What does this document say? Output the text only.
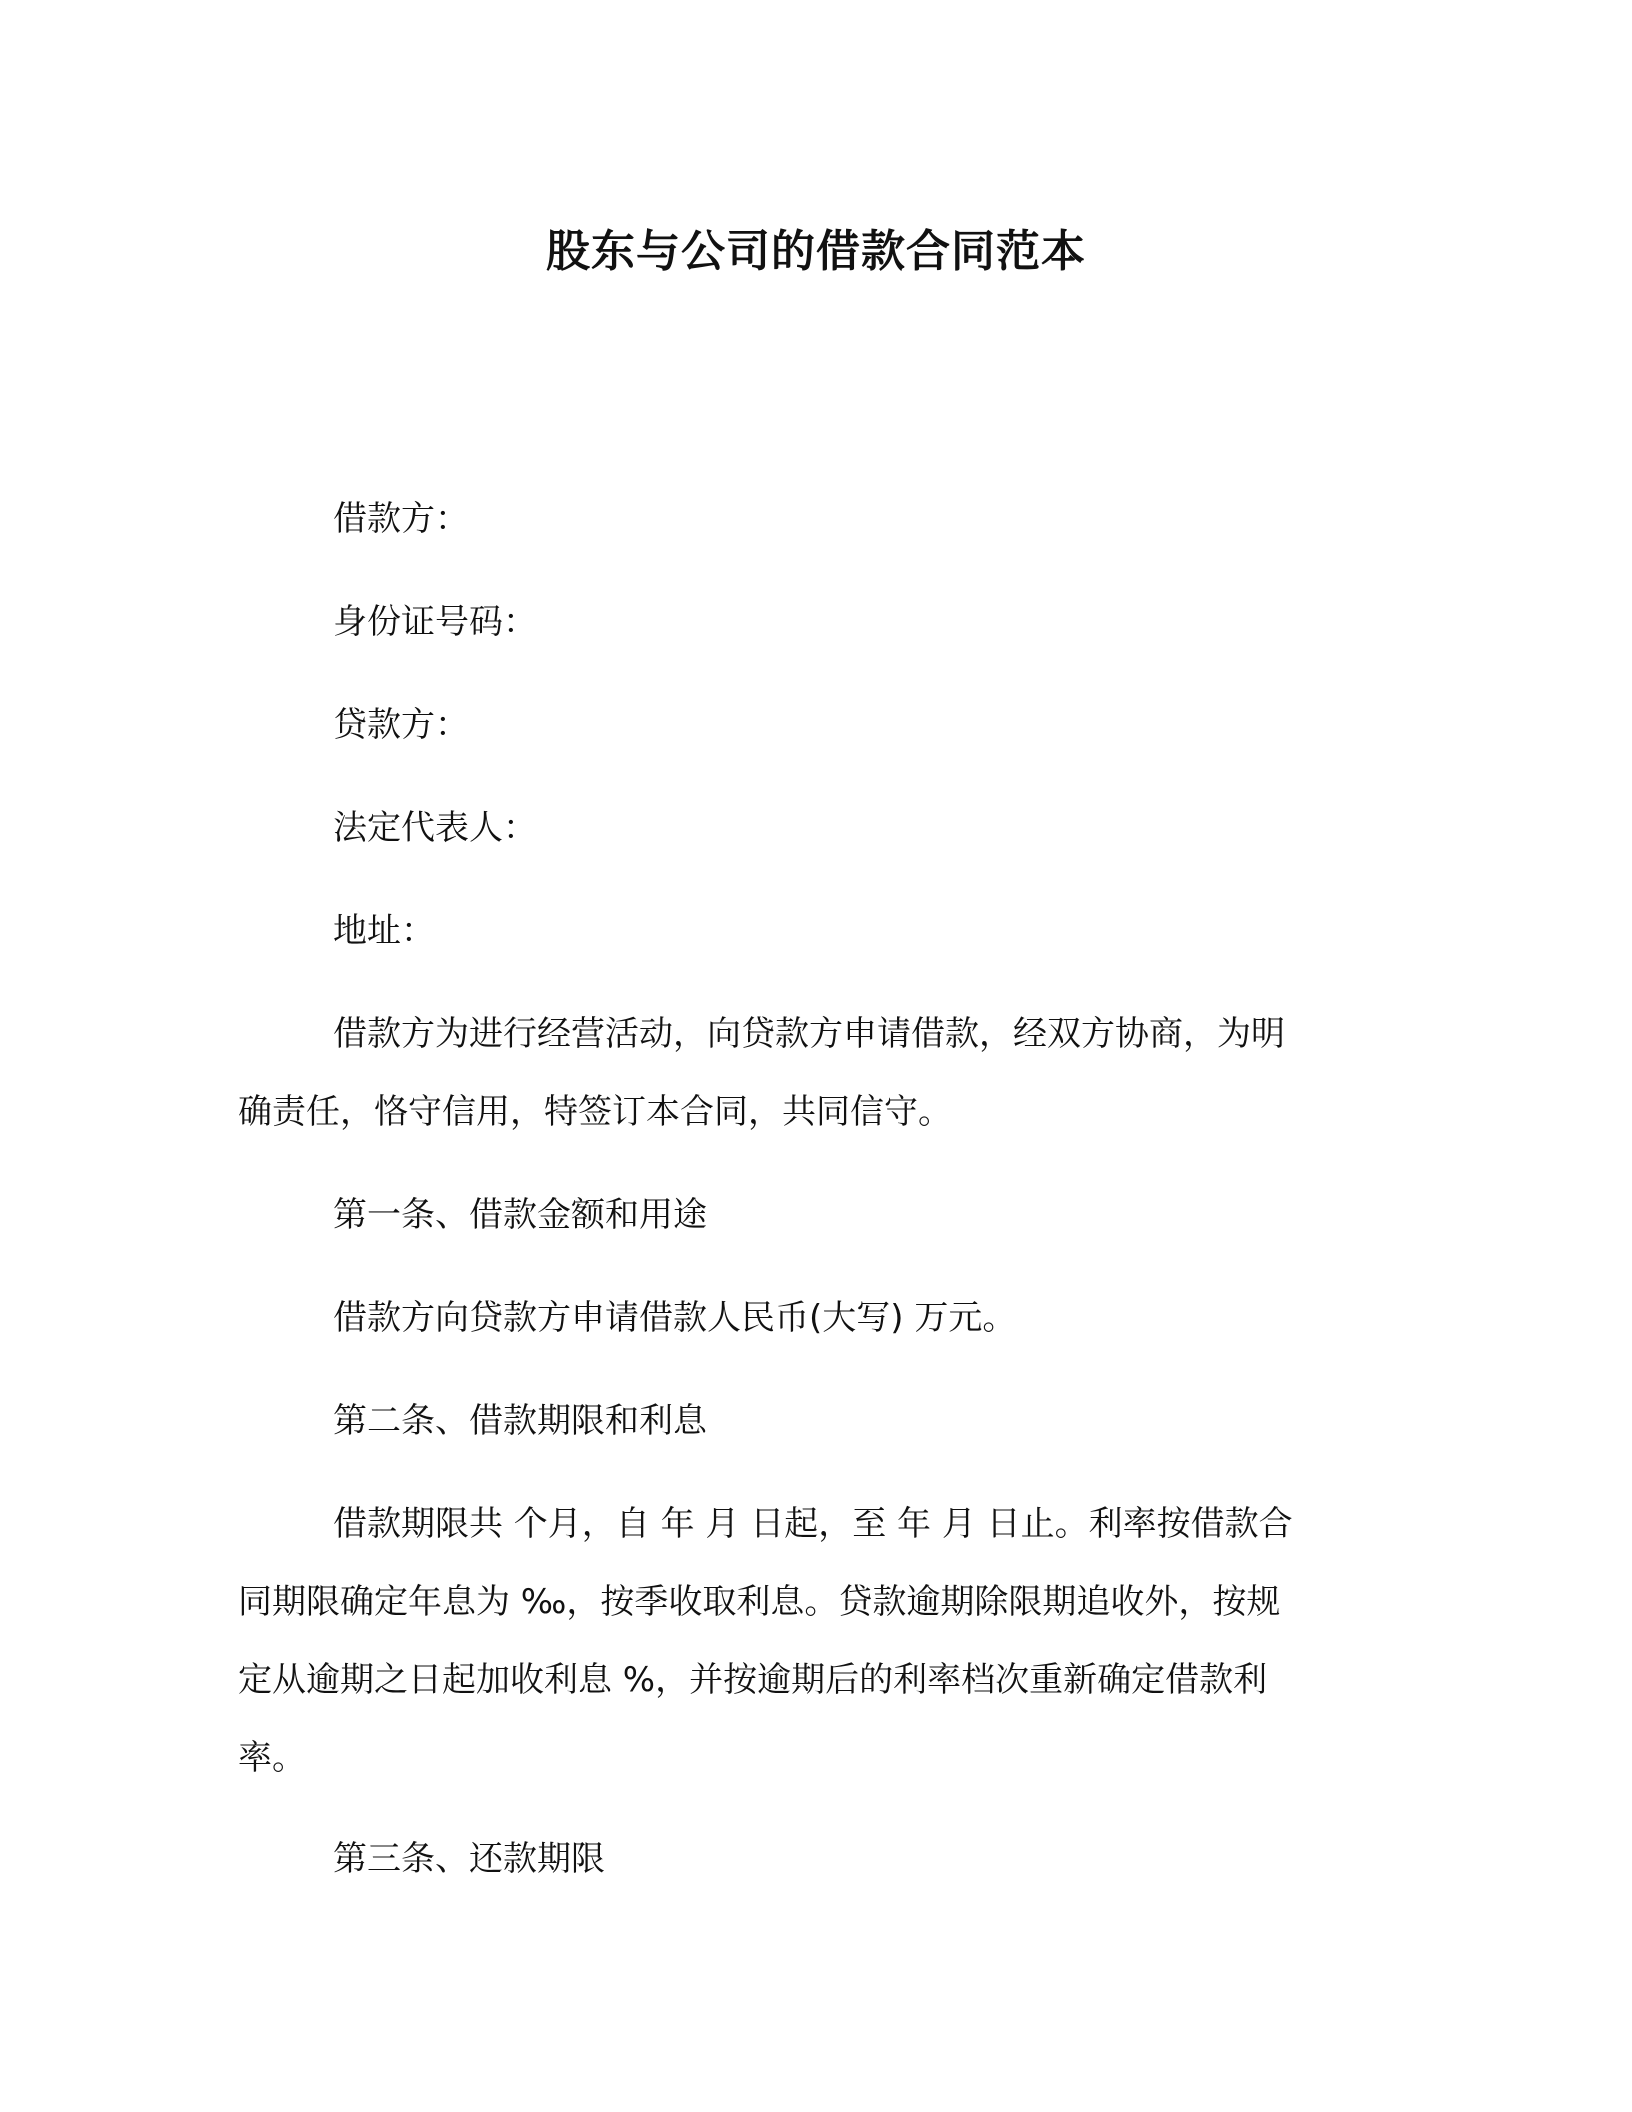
股东与公司的借款合同范本
借款方：
身份证号码：
贷款方：
法定代表人：
地址：
借款方为进行经营活动，向贷款方申请借款，经双方协商，为明
确责任，恪守信用，特签订本合同，共同信守。
第一条、借款金额和用途
借款方向贷款方申请借款人民币(大写) 万元。
第二条、借款期限和利息
借款期限共 个月，自 年 月 日起，至 年 月 日止。利率按借款合
同期限确定年息为 ‰，按季收取利息。贷款逾期除限期追收外，按规
定从逾期之日起加收利息 %，并按逾期后的利率档次重新确定借款利
率。
第三条、还款期限
